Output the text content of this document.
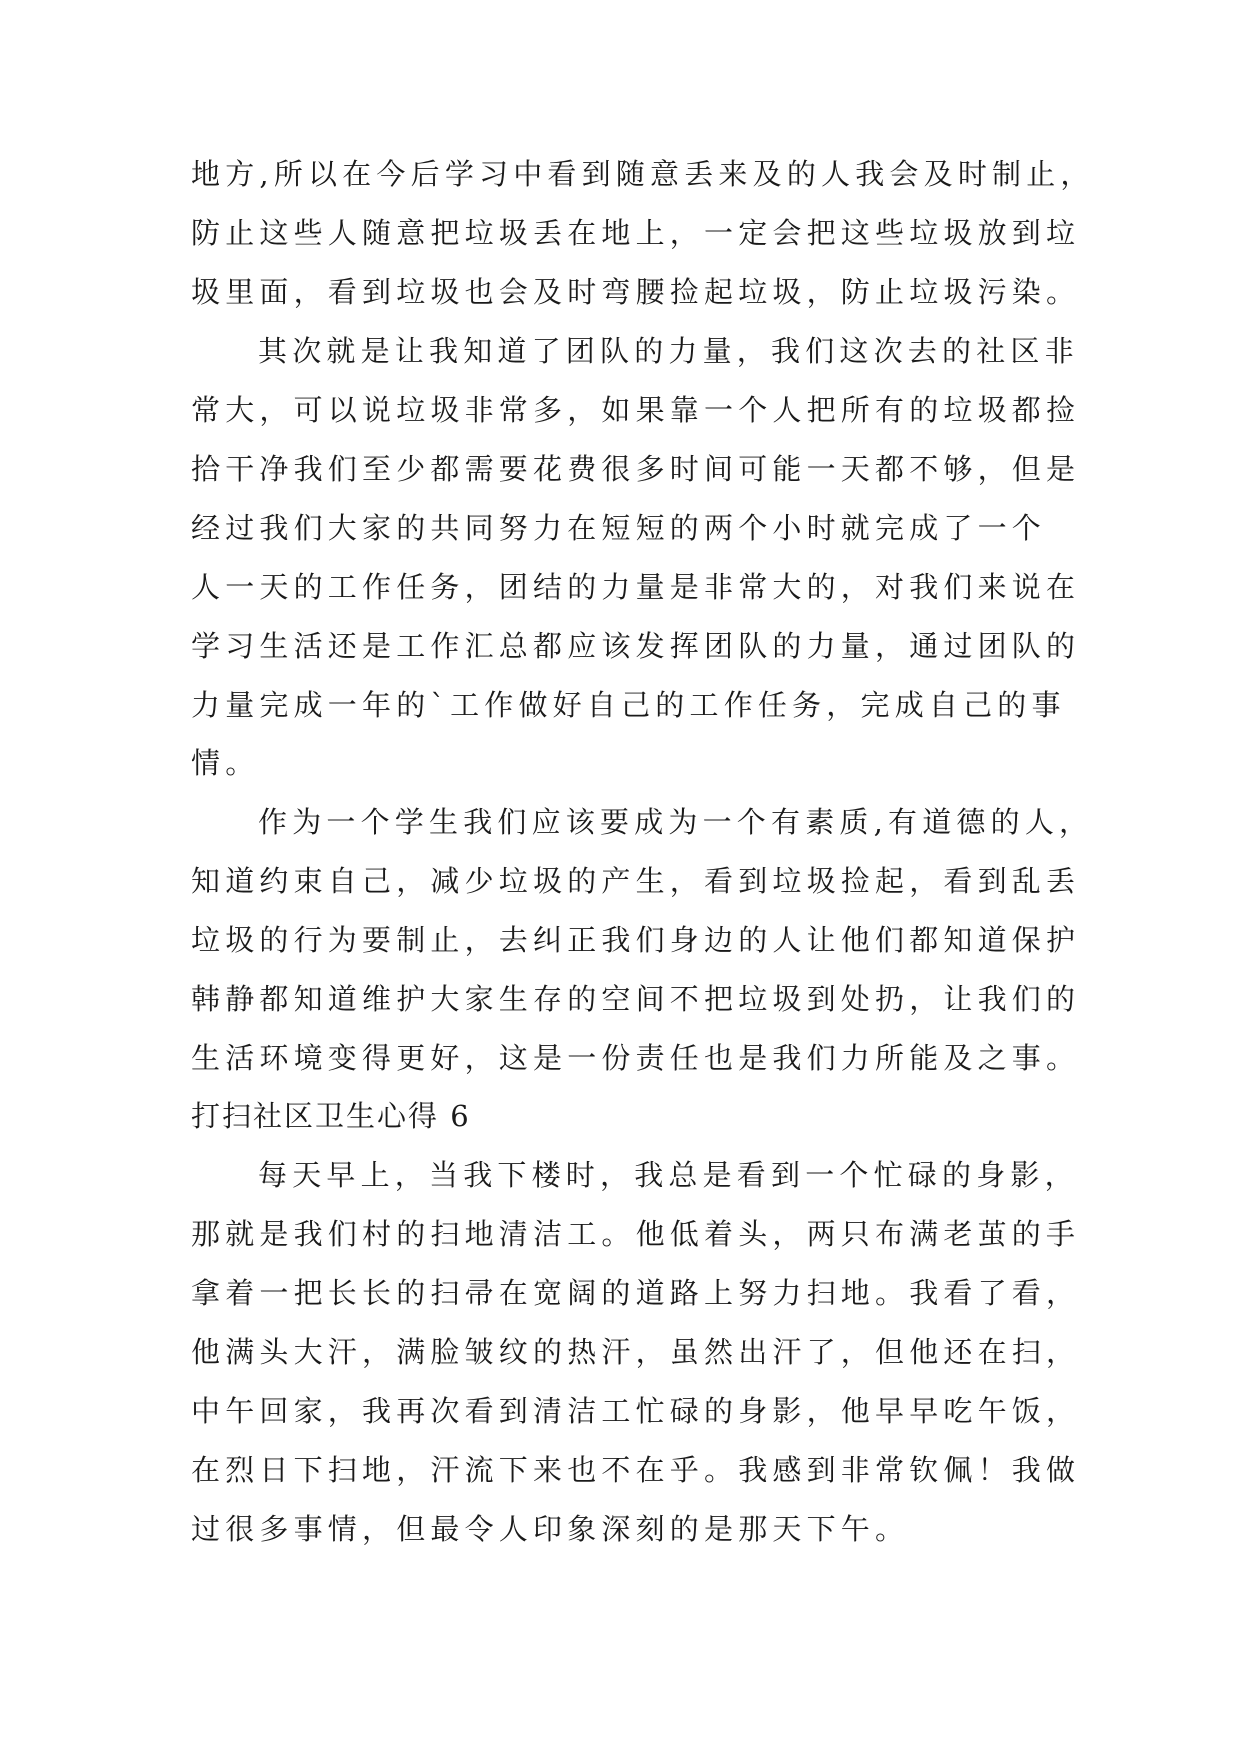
地方,所以在今后学习中看到随意丢来及的人我会及时制止，
防止这些人随意把垃圾丢在地上，一定会把这些垃圾放到垃
圾里面，看到垃圾也会及时弯腰捡起垃圾，防止垃圾污染。
其次就是让我知道了团队的力量，我们这次去的社区非
常大，可以说垃圾非常多，如果靠一个人把所有的垃圾都捡
拾干净我们至少都需要花费很多时间可能一天都不够，但是
经过我们大家的共同努力在短短的两个小时就完成了一个
人一天的工作任务，团结的力量是非常大的，对我们来说在
学习生活还是工作汇总都应该发挥团队的力量，通过团队的
力量完成一年的`工作做好自己的工作任务，完成自己的事
情。
作为一个学生我们应该要成为一个有素质,有道德的人，
知道约束自己，减少垃圾的产生，看到垃圾捡起，看到乱丢
垃圾的行为要制止，去纠正我们身边的人让他们都知道保护
韩静都知道维护大家生存的空间不把垃圾到处扔，让我们的
生活环境变得更好，这是一份责任也是我们力所能及之事。
打扫社区卫生心得 6
每天早上，当我下楼时，我总是看到一个忙碌的身影，
那就是我们村的扫地清洁工。他低着头，两只布满老茧的手
拿着一把长长的扫帚在宽阔的道路上努力扫地。我看了看，
他满头大汗，满脸皱纹的热汗，虽然出汗了，但他还在扫，
中午回家，我再次看到清洁工忙碌的身影，他早早吃午饭，
在烈日下扫地，汗流下来也不在乎。我感到非常钦佩！我做
过很多事情，但最令人印象深刻的是那天下午。
